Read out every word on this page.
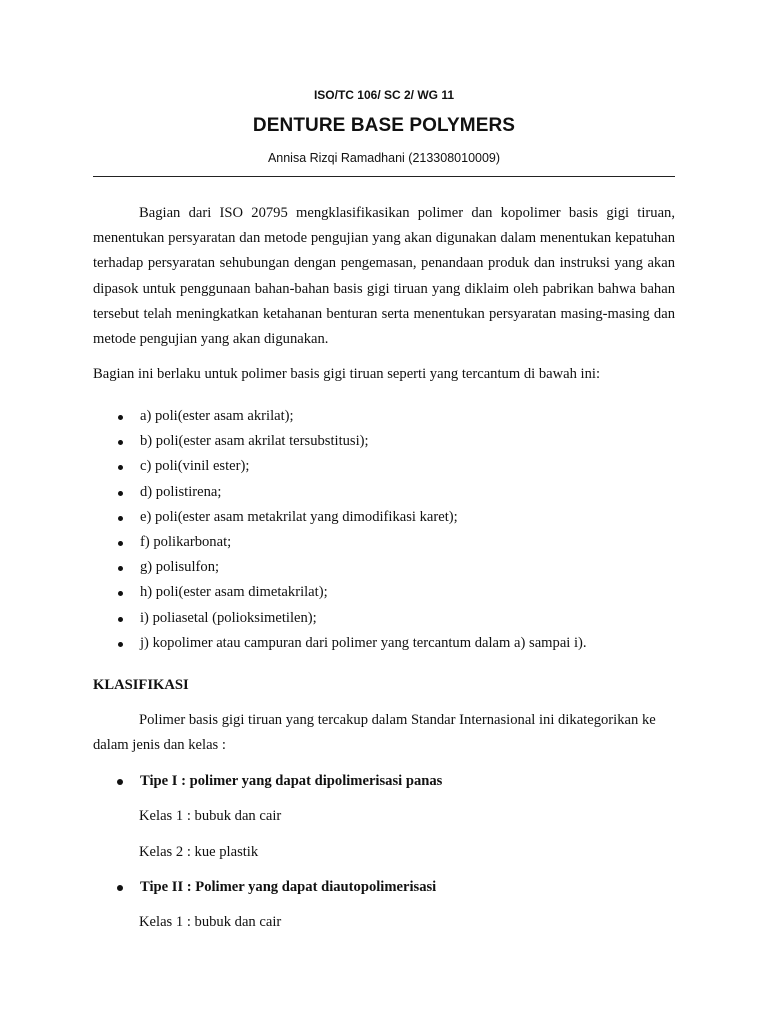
ISO/TC 106/ SC 2/ WG 11
DENTURE BASE POLYMERS
Annisa Rizqi Ramadhani (213308010009)

Bagian dari ISO 20795 mengklasifikasikan polimer dan kopolimer basis gigi tiruan, menentukan persyaratan dan metode pengujian yang akan digunakan dalam menentukan kepatuhan terhadap persyaratan sehubungan dengan pengemasan, penandaan produk dan instruksi yang akan dipasok untuk penggunaan bahan-bahan basis gigi tiruan yang diklaim oleh pabrikan bahwa bahan tersebut telah meningkatkan ketahanan benturan serta menentukan persyaratan masing-masing dan metode pengujian yang akan digunakan.

Bagian ini berlaku untuk polimer basis gigi tiruan seperti yang tercantum di bawah ini:

a) poli(ester asam akrilat);
b) poli(ester asam akrilat tersubstitusi);
c) poli(vinil ester);
d) polistirena;
e) poli(ester asam metakrilat yang dimodifikasi karet);
f) polikarbonat;
g) polisulfon;
h) poli(ester asam dimetakrilat);
i) poliasetal (polioksimetilen);
j) kopolimer atau campuran dari polimer yang tercantum dalam a) sampai i).
KLASIFIKASI

Polimer basis gigi tiruan yang tercakup dalam Standar Internasional ini dikategorikan ke dalam jenis dan kelas :

Tipe I : polimer yang dapat dipolimerisasi panas
Kelas 1 : bubuk dan cair
Kelas 2 : kue plastik
Tipe II : Polimer yang dapat diautopolimerisasi
Kelas 1 : bubuk dan cair
